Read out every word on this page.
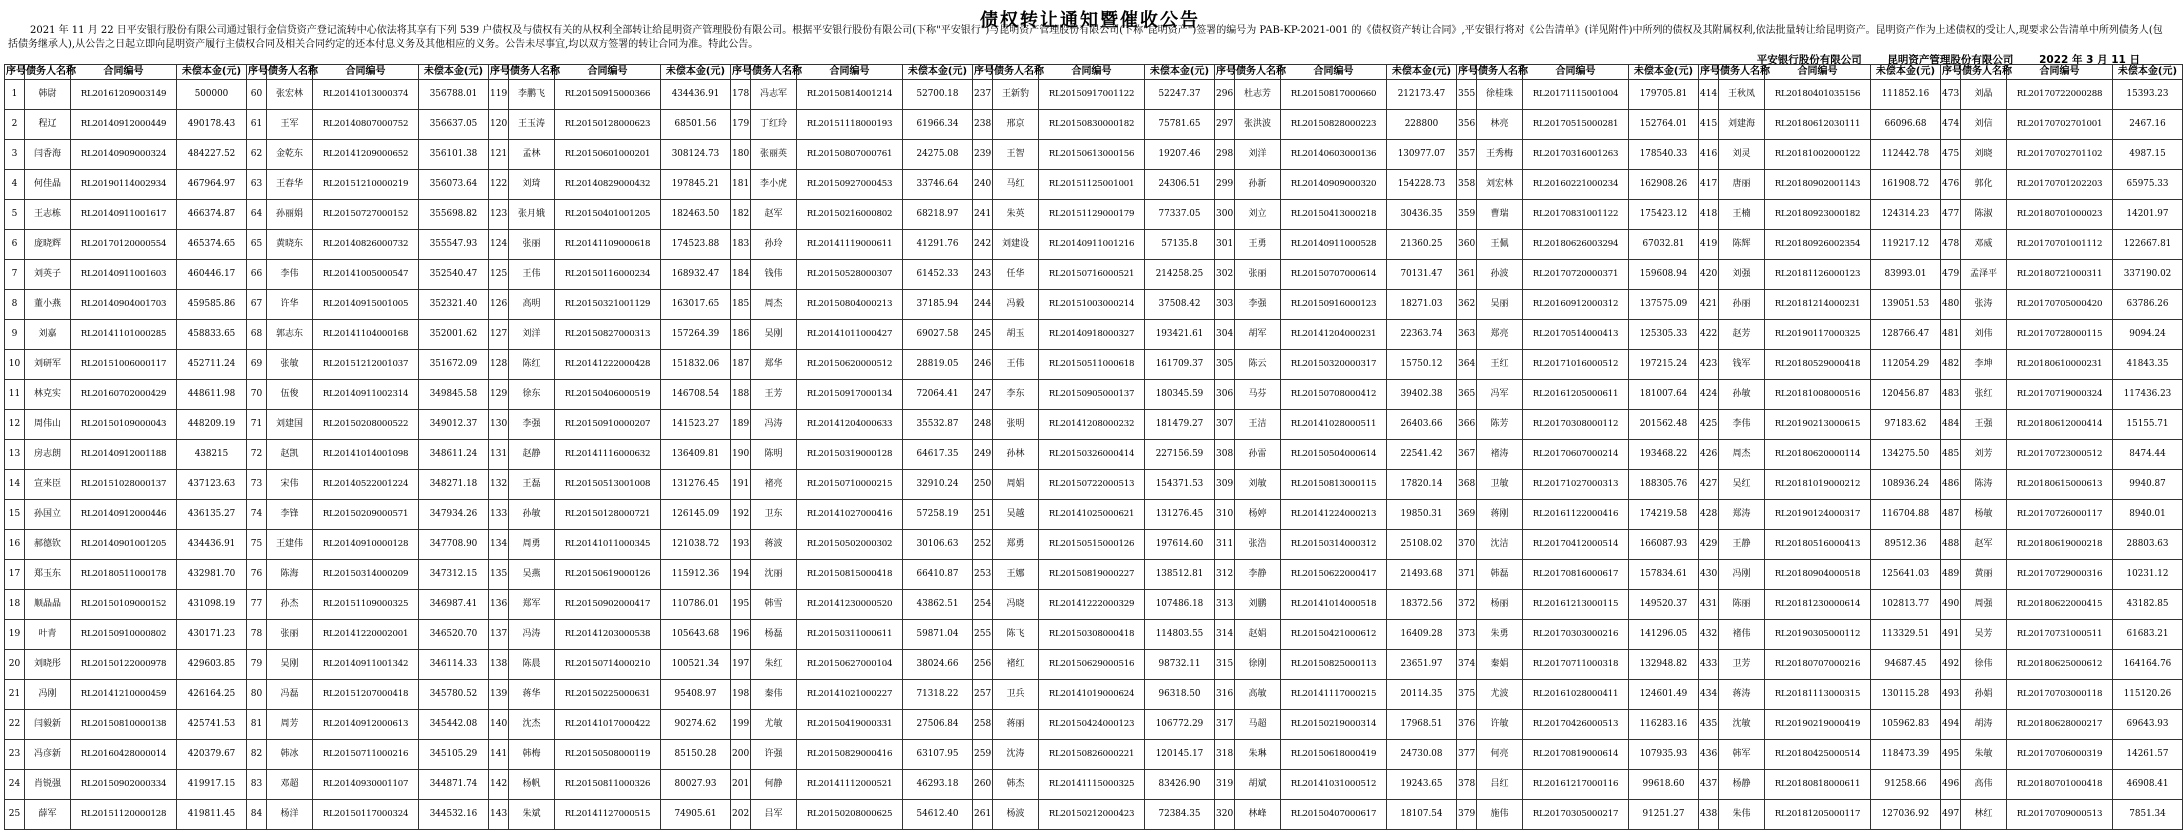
债权转让通知暨催收公告
2021 年 11 月 22 日平安银行股份有限公司通过银行金信贷资产登记流转中心依法将其享有下列 539 户债权及与债权有关的从权利全部转让给昆明资产管理股份有限公司。根据平安银行股份有限公司(下称"平安银行")与昆明资产管理股份有限公司(下称"昆明资产")签署的编号为 PAB-KP-2021-001 的《债权资产转让合同》,平安银行将对《公告清单》(详见附件)中所列的债权及其附属权利,依法批量转让给昆明资产。昆明资产作为上述债权的受让人,现要求公告清单中所列债务人(包括债务继承人),从公告之日起立即向昆明资产履行主债权合同及相关合同约定的还本付息义务及其他相应的义务。公告未尽事宜,均以双方签署的转让合同为准。特此公告。
平安银行股份有限公司 昆明资产管理股份有限公司 2022 年 3 月 11 日
序号	债务人名称	合同编号	未偿本金(元)	序号	债务人名称	合同编号	未偿本金(元)	序号	债务人名称	合同编号	未偿本金(元)	序号	债务人名称	合同编号	未偿本金(元)	序号	债务人名称	合同编号	未偿本金(元)	序号	债务人名称	合同编号	未偿本金(元)	序号	债务人名称	合同编号	未偿本金(元)	序号	债务人名称	合同编号	未偿本金(元)	序号	债务人名称	合同编号	未偿本金(元)
1	韩尉	RL20161209003149	500000	60	张宏林	RL20141013000374	356788.01	119	李鹏飞	RL20150915000366	434436.91	178	冯志军	RL20150814001214	52700.18	237	王新豹	RL20150917001122	52247.37	296	杜志芳	RL20150817000660	212173.47	355	徐桂珠	RL20171115001004	179705.81	414	王秋凤	RL20180401035156	111852.16	473	刘晶	RL20170722000288	15393.23
2	程辽	RL20140912000449	490178.43	61	王军	RL20140807000752	356637.05	120	王玉涛	RL20150128000623	68501.56	179	丁红玲	RL20151118000193	61966.34	238	邢京	RL20150830000182	75781.65	297	张洪波	RL20150828000223	228800	356	林亮	RL20170515000281	152764.01	415	刘建海	RL20180612030111	66096.68	474	刘信	RL20170702701001	2467.16
3	闫香海	RL20140909000324	484227.52	62	金乾东	RL20141209000652	356101.38	121	孟林	RL20150601000201	308124.73	180	张丽英	RL20150807000761	24275.08	239	王智	RL20150613000156	19207.46	298	刘洋	RL20140603000136	130977.07	357	王秀梅	RL20170316001263	178540.33	416	刘灵	RL20181002000122	112442.78	475	刘晓	RL20170702701102	4987.15
4	何佳晶	RL20190114002934	467964.97	63	王春华	RL20151210000219	356073.64	122	刘琦	RL20140829000432	197845.21	181	李小虎	RL20150927000453	33746.64	240	马红	RL20151125001001	24306.51	299	孙新	RL20140909000320	154228.73	358	刘宏林	RL20160221000234	162908.26	417	唐丽	RL20180902001143	161908.72	476	郭化	RL20170701202203	65975.33
5	王志栋	RL20140911001617	466374.87	64	孙丽娟	RL20150727000152	355698.82	123	张月娥	RL20150401001205	182463.50	182	赵军	RL20150216000802	68218.97	241	朱英	RL20151129000179	77337.05	300	刘立	RL20150413000218	30436.35	359	曹瑞	RL20170831001122	175423.12	418	王楠	RL20180923000182	124314.23	477	陈淑	RL20180701000023	14201.97
6	庞晓辉	RL20170120000554	465374.65	65	黄晓东	RL20140826000732	355547.93	124	张丽	RL20141109000618	174523.88	183	孙玲	RL20141119000611	41291.76	242	刘建设	RL20140911001216	57135.8	301	王勇	RL20140911000528	21360.25	360	王佩	RL20180626003294	67032.81	419	陈辉	RL20180926002354	119217.12	478	邓威	RL20170701001112	122667.81
7	刘英子	RL20140911001603	460446.17	66	李伟	RL20141005000547	352540.47	125	王伟	RL20150116000234	168932.47	184	钱伟	RL20150528000307	61452.33	243	任华	RL20150716000521	214258.25	302	张丽	RL20150707000614	70131.47	361	孙波	RL20170720000371	159608.94	420	刘强	RL20181126000123	83993.01	479	孟泽平	RL20180721000311	337190.02
8	董小燕	RL20140904001703	459585.86	67	许华	RL20140915001005	352321.40	126	高明	RL20150321001129	163017.65	185	周杰	RL20150804000213	37185.94	244	冯毅	RL20151003000214	37508.42	303	李强	RL20150916000123	18271.03	362	吴丽	RL20160912000312	137575.09	421	孙丽	RL20181214000231	139051.53	480	张涛	RL20170705000420	63786.26
9	刘嘉	RL20141101000285	458833.65	68	郭志东	RL20141104000168	352001.62	127	刘洋	RL20150827000313	157264.39	186	吴刚	RL20141011000427	69027.58	245	胡玉	RL20140918000327	193421.61	304	胡军	RL20141204000231	22363.74	363	郑亮	RL20170514000413	125305.33	422	赵芳	RL20190117000325	128766.47	481	刘伟	RL20170728000115	9094.24
10	刘研军	RL20151006000117	452711.24	69	张敏	RL20151212001037	351672.09	128	陈红	RL20141222000428	151832.06	187	郑华	RL20150620000512	28819.05	246	王伟	RL20150511000618	161709.37	305	陈云	RL20150320000317	15750.12	364	王红	RL20171016000512	197215.24	423	钱军	RL20180529000418	112054.29	482	李坤	RL20180610000231	41843.35
11	林克实	RL20160702000429	448611.98	70	伍俊	RL20140911002314	349845.58	129	徐东	RL20150406000519	146708.54	188	王芳	RL20150917000134	72064.41	247	李东	RL20150905000137	180345.59	306	马芬	RL20150708000412	39402.38	365	冯军	RL20161205000611	181007.64	424	孙敏	RL20181008000516	120456.87	483	张红	RL20170719000324	117436.23
12	周伟山	RL20150109000043	448209.19	71	刘建国	RL20150208000522	349012.37	130	李强	RL20150910000207	141523.27	189	冯涛	RL20141204000633	35532.87	248	张明	RL20141208000232	181479.27	307	王洁	RL20141028000511	26403.66	366	陈芳	RL20170308000112	201562.48	425	李伟	RL20190213000615	97183.62	484	王强	RL20180612000414	15155.71
13	房志朗	RL20140912001188	438215	72	赵凯	RL20141014001098	348611.24	131	赵静	RL20141116000632	136409.81	190	陈明	RL20150319000128	64617.35	249	孙林	RL20150326000414	227156.59	308	孙雷	RL20150504000614	22541.42	367	褚涛	RL20170607000214	193468.22	426	周杰	RL20180620000114	134275.50	485	刘芳	RL20170723000512	8474.44
14	宣来臣	RL20151028000137	437123.63	73	宋伟	RL20140522001224	348271.18	132	王磊	RL20150513001008	131276.45	191	褚亮	RL20150710000215	32910.24	250	周娟	RL20150722000513	154371.53	309	刘敏	RL20150813000115	17820.14	368	卫敏	RL20171027000313	188305.76	427	吴红	RL20181019000212	108936.24	486	陈涛	RL20180615000613	9940.87
15	孙国立	RL20140912000446	436135.27	74	李锋	RL20150209000571	347934.26	133	孙敏	RL20150128000721	126145.09	192	卫东	RL20141027000416	57258.19	251	吴越	RL20141025000621	131276.45	310	杨婷	RL20141224000213	19850.31	369	蒋刚	RL20161122000416	174219.58	428	郑涛	RL20190124000317	116704.88	487	杨敏	RL20170726000117	8940.01
16	郝德钦	RL20140901001205	434436.91	75	王建伟	RL20140910000128	347708.90	134	周勇	RL20141011000345	121038.72	193	蒋波	RL20150502000302	30106.63	252	郑勇	RL20150515000126	197614.60	311	张浩	RL20150314000312	25108.02	370	沈洁	RL20170412000514	166087.93	429	王静	RL20180516000413	89512.36	488	赵军	RL20180619000218	28803.63
17	郑玉东	RL20180511000178	432981.70	76	陈海	RL20150314000209	347312.15	135	吴燕	RL20150619000126	115912.36	194	沈丽	RL20150815000418	66410.87	253	王娜	RL20150819000227	138512.81	312	李静	RL20150622000417	21493.68	371	韩磊	RL20170816000617	157834.61	430	冯刚	RL20180904000518	125641.03	489	黄丽	RL20170729000316	10231.12
18	顺晶晶	RL20150109000152	431098.19	77	孙杰	RL20151109000325	346987.41	136	郑军	RL20150902000417	110786.01	195	韩雪	RL20141230000520	43862.51	254	冯晓	RL20141222000329	107486.18	313	刘鹏	RL20141014000518	18372.56	372	杨丽	RL20161213000115	149520.37	431	陈丽	RL20181230000614	102813.77	490	周强	RL20180622000415	43182.85
19	叶青	RL20150910000802	430171.23	78	张丽	RL20141220002001	346520.70	137	冯涛	RL20141203000538	105643.68	196	杨磊	RL20150311000611	59871.04	255	陈飞	RL20150308000418	114803.55	314	赵娟	RL20150421000612	16409.28	373	朱勇	RL20170303000216	141296.05	432	褚伟	RL20190305000112	113329.51	491	吴芳	RL20170731000511	61683.21
20	刘晓彤	RL20150122000978	429603.85	79	吴刚	RL20140911001342	346114.33	138	陈晨	RL20150714000210	100521.34	197	朱红	RL20150627000104	38024.66	256	褚红	RL20150629000516	98732.11	315	徐刚	RL20150825000113	23651.97	374	秦娟	RL20170711000318	132948.82	433	卫芳	RL20180707000216	94687.45	492	徐伟	RL20180625000612	164164.76
21	冯刚	RL20141210000459	426164.25	80	冯磊	RL20151207000418	345780.52	139	蒋华	RL20150225000631	95408.97	198	秦伟	RL20141021000227	71318.22	257	卫兵	RL20141019000624	96318.50	316	高敏	RL20141117000215	20114.35	375	尤波	RL20161028000411	124601.49	434	蒋涛	RL20181113000315	130115.28	493	孙娟	RL20170703000118	115120.26
22	闫毅新	RL20150810000138	425741.53	81	周芳	RL20140912000613	345442.08	140	沈杰	RL20141017000422	90274.62	199	尤敏	RL20150419000331	27506.84	258	蒋丽	RL20150424000123	106772.29	317	马超	RL20150219000314	17968.51	376	许敏	RL20170426000513	116283.16	435	沈敏	RL20190219000419	105962.83	494	胡涛	RL20180628000217	69643.93
23	冯彦新	RL20160428000014	420379.67	82	韩冰	RL20150711000216	345105.29	141	韩梅	RL20150508000119	85150.28	200	许强	RL20150829000416	63107.95	259	沈涛	RL20150826000221	120145.17	318	朱琳	RL20150618000419	24730.08	377	何亮	RL20170819000614	107935.93	436	韩军	RL20180425000514	118473.39	495	朱敏	RL20170706000319	14261.57
24	肖锐强	RL20150902000334	419917.15	83	邓超	RL20140930001107	344871.74	142	杨帆	RL20150811000326	80027.93	201	何静	RL20141112000521	46293.18	260	韩杰	RL20141115000325	83426.90	319	胡斌	RL20141031000512	19243.65	378	吕红	RL20161217000116	99618.60	437	杨静	RL20180818000611	91258.66	496	高伟	RL20180701000418	46908.41
25	薛军	RL20151120000128	419811.45	84	杨洋	RL20150117000324	344532.16	143	朱斌	RL20141127000515	74905.61	202	吕军	RL20150208000625	54612.40	261	杨波	RL20150212000423	72384.35	320	林峰	RL20150407000617	18107.54	379	施伟	RL20170305000217	91251.27	438	朱伟	RL20181205000117	127036.92	497	林红	RL20170709000513	7851.34
